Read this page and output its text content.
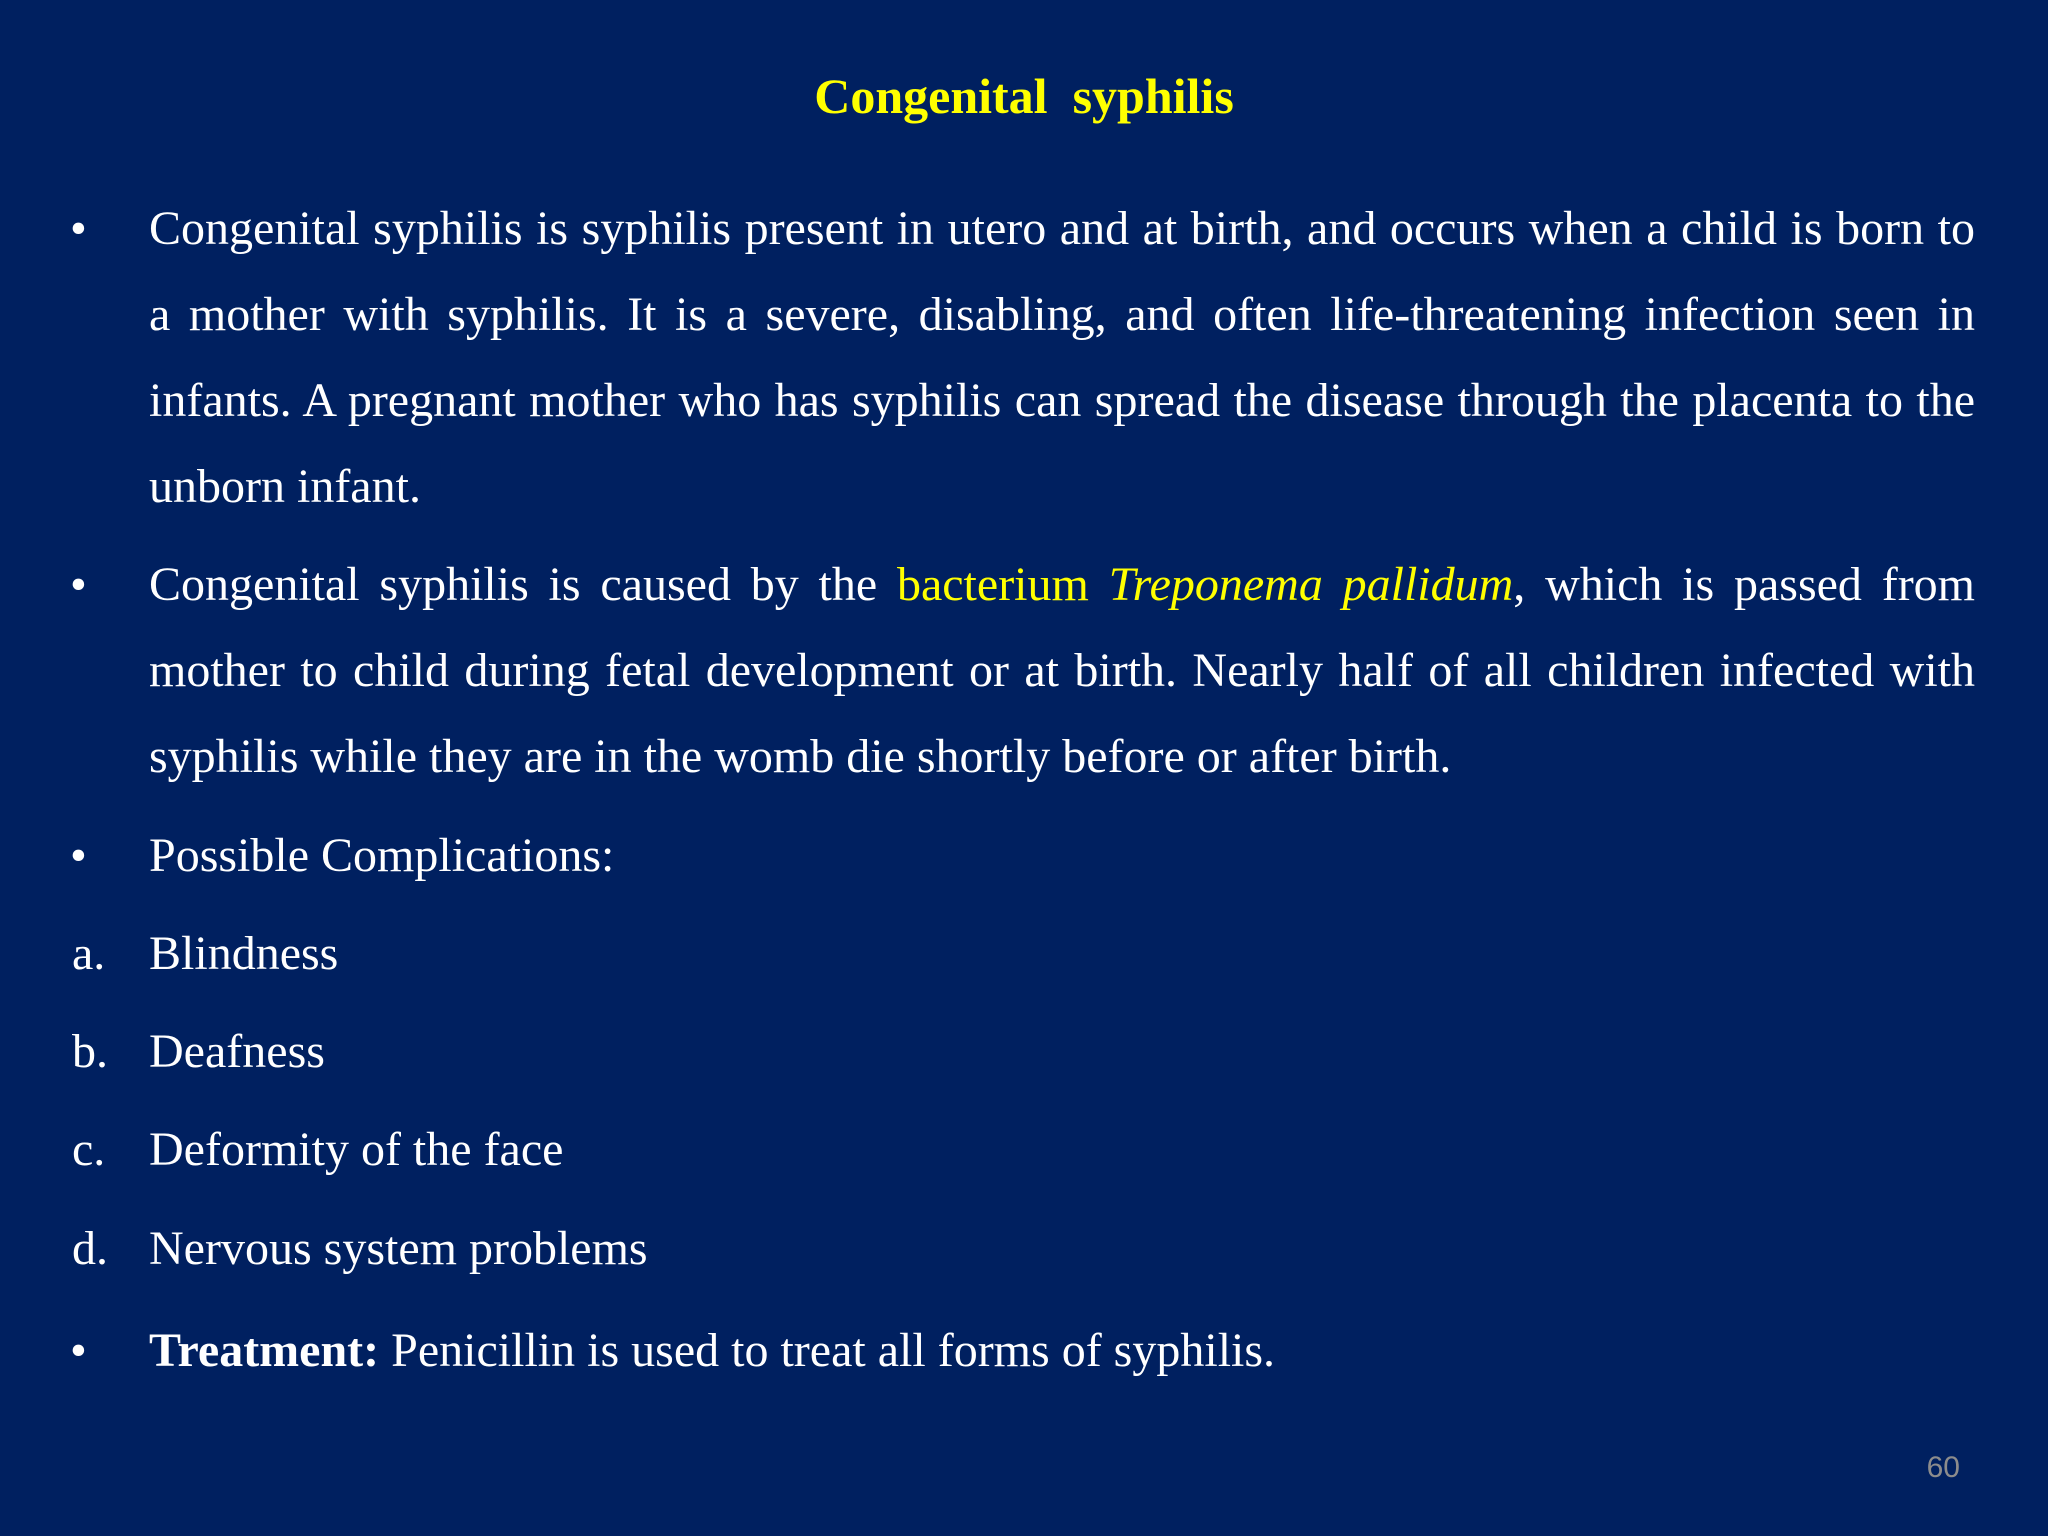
Congenital  syphilis
• Congenital syphilis is syphilis present in utero and at birth, and occurs when a child is born to a mother with syphilis. It is a severe, disabling, and often life-threatening infection seen in infants. A pregnant mother who has syphilis can spread the disease through the placenta to the unborn infant.
• Congenital syphilis is caused by the bacterium Treponema pallidum, which is passed from mother to child during fetal development or at birth. Nearly half of all children infected with syphilis while they are in the womb die shortly before or after birth.
• Possible Complications:
a. Blindness
b. Deafness
c. Deformity of the face
d. Nervous system problems
• Treatment: Penicillin is used to treat all forms of syphilis.
60
